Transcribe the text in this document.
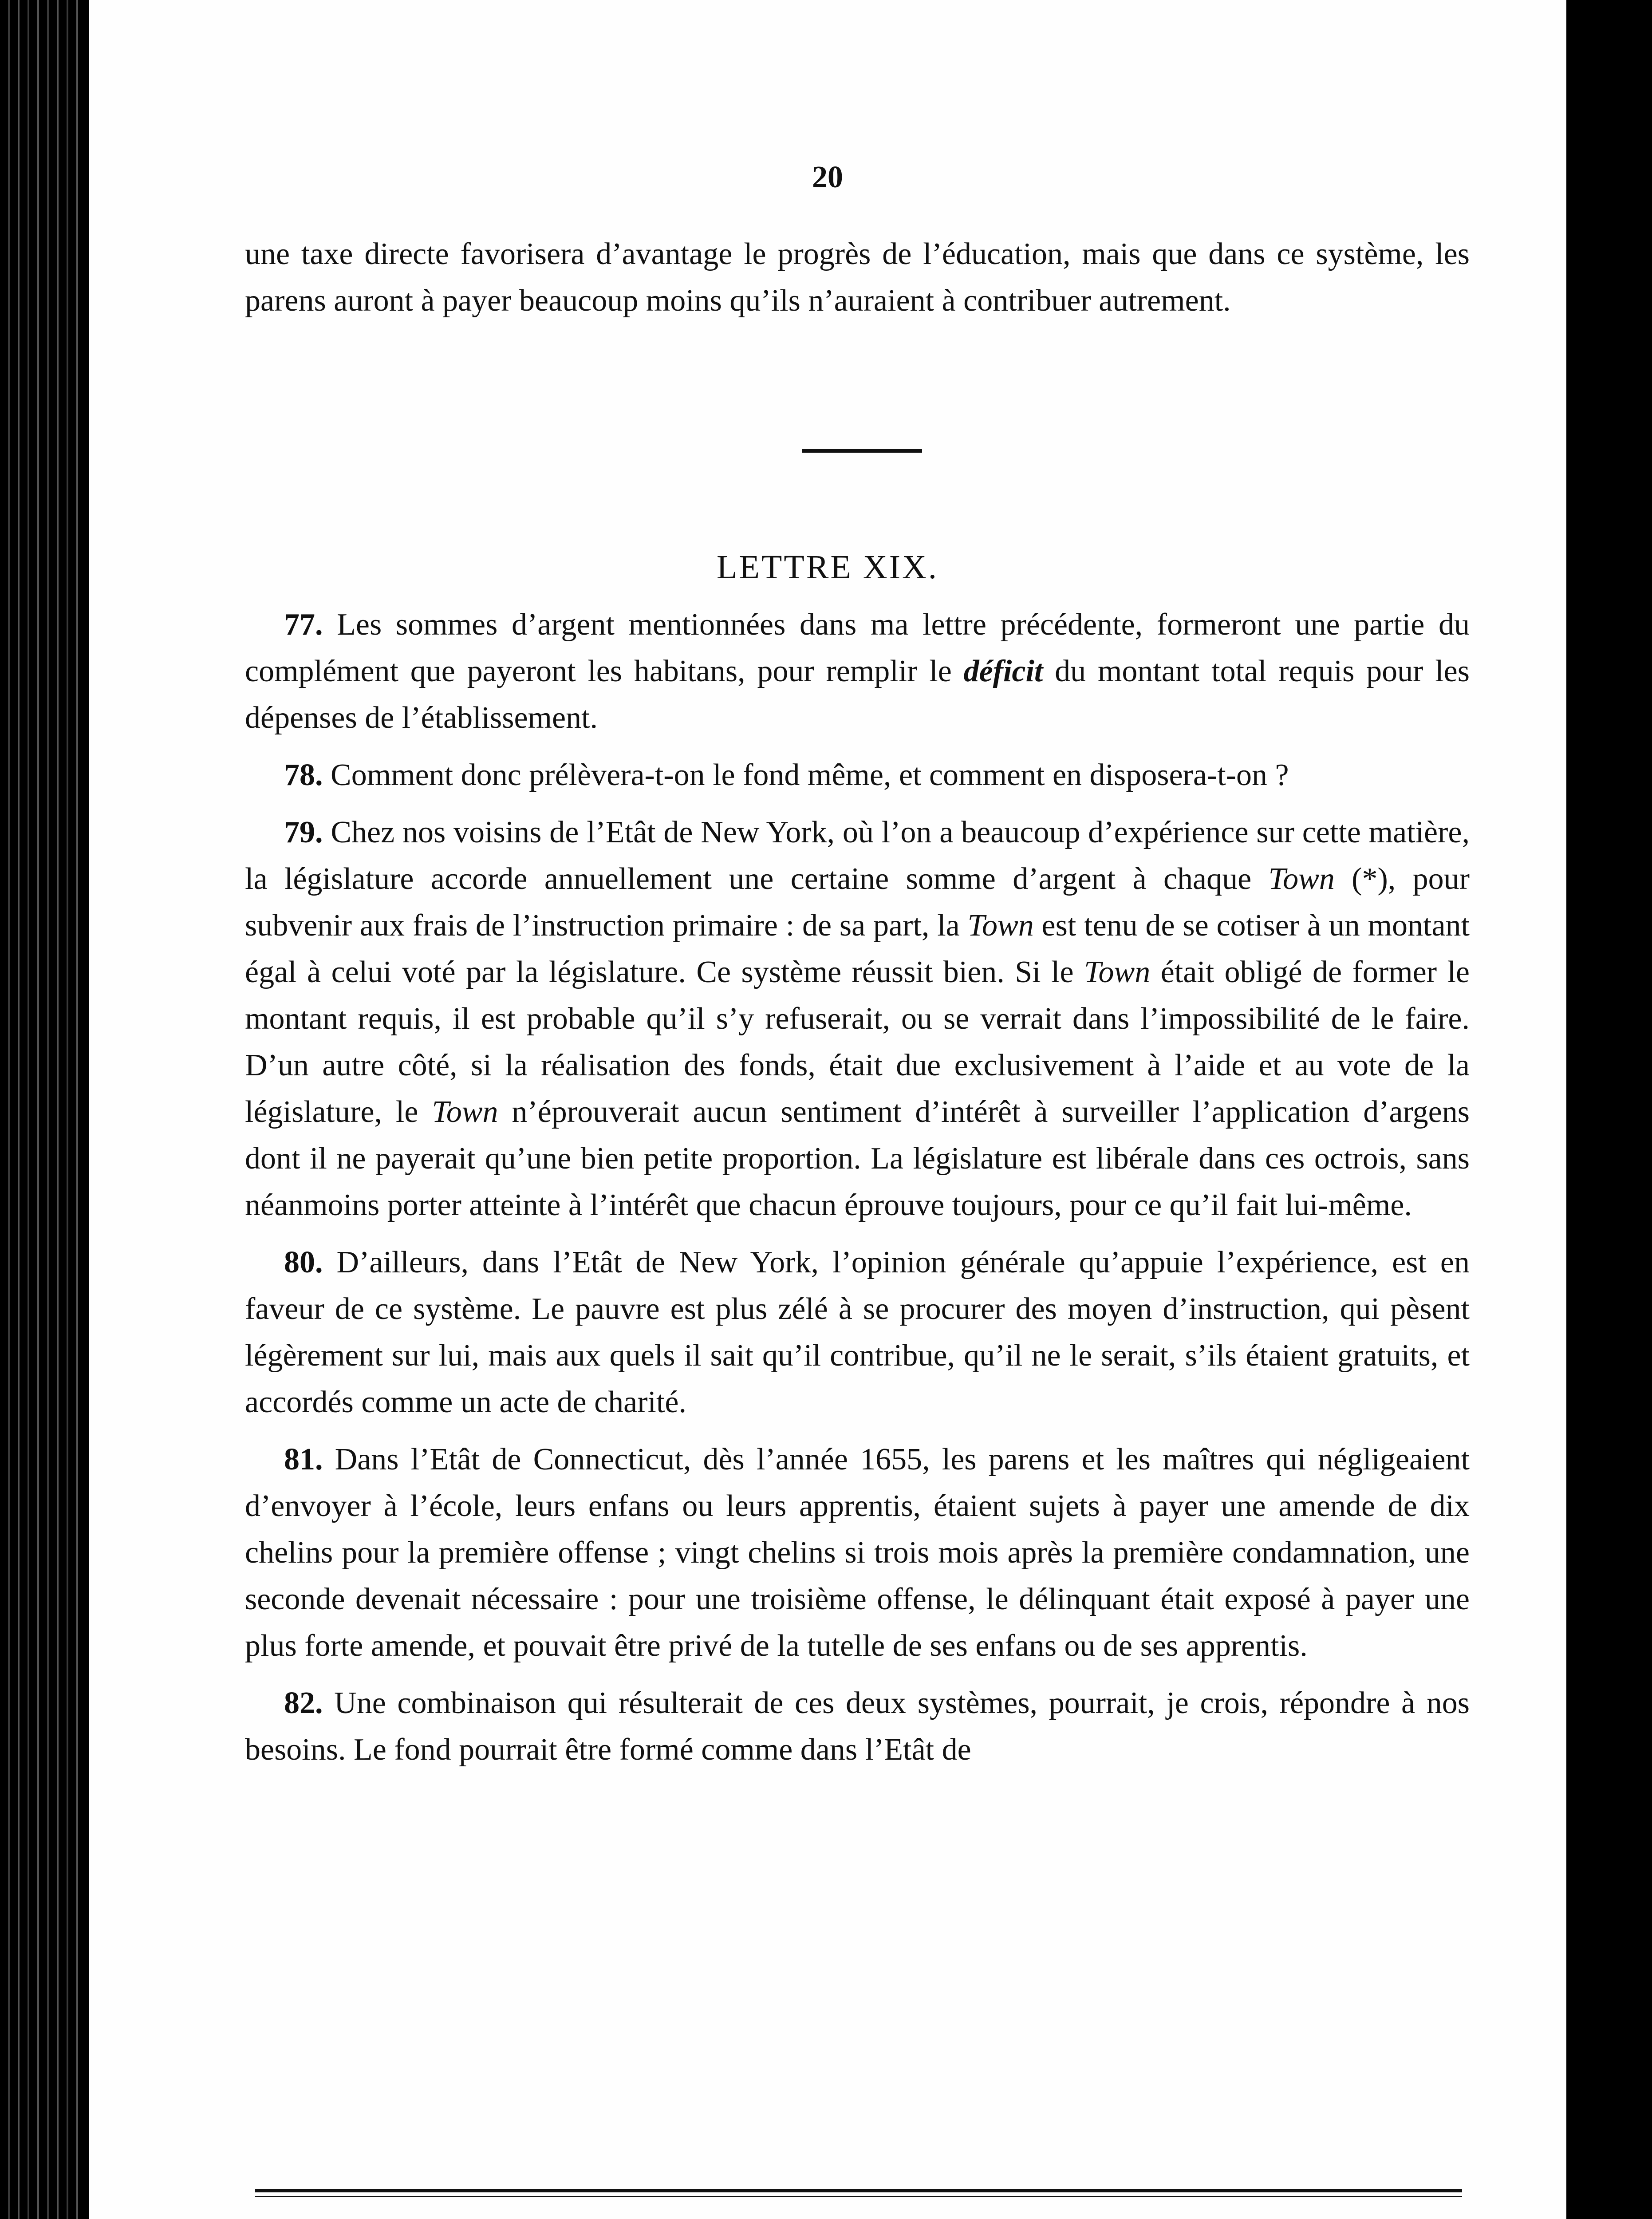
20

une taxe directe favorisera d’avantage le progrès de l’éducation, mais que dans ce système, les parens auront à payer beaucoup moins qu’ils n’auraient à contribuer autrement.

LETTRE XIX.

77. Les sommes d’argent mentionnées dans ma lettre précédente, formeront une partie du complément que payeront les habitans, pour remplir le déficit du montant total requis pour les dépenses de l’établissement.

78. Comment donc prélèvera-t-on le fond même, et comment en disposera-t-on ?

79. Chez nos voisins de l’Etât de New York, où l’on a beaucoup d’expérience sur cette matière, la législature accorde annuellement une certaine somme d’argent à chaque Town (*), pour subvenir aux frais de l’instruction primaire : de sa part, la Town est tenu de se cotiser à un montant égal à celui voté par la législature. Ce système réussit bien. Si le Town était obligé de former le montant requis, il est probable qu’il s’y refuserait, ou se verrait dans l’impossibilité de le faire. D’un autre côté, si la réalisation des fonds, était due exclusivement à l’aide et au vote de la législature, le Town n’éprouverait aucun sentiment d’intérêt à surveiller l’application d’argens dont il ne payerait qu’une bien petite proportion. La législature est libérale dans ces octrois, sans néanmoins porter atteinte à l’intérêt que chacun éprouve toujours, pour ce qu’il fait lui-même.

80. D’ailleurs, dans l’Etât de New York, l’opinion générale qu’appuie l’expérience, est en faveur de ce système. Le pauvre est plus zélé à se procurer des moyen d’instruction, qui pèsent légèrement sur lui, mais aux quels il sait qu’il contribue, qu’il ne le serait, s’ils étaient gratuits, et accordés comme un acte de charité.

81. Dans l’Etât de Connecticut, dès l’année 1655, les parens et les maîtres qui négligeaient d’envoyer à l’école, leurs enfans ou leurs apprentis, étaient sujets à payer une amende de dix chelins pour la première offense ; vingt chelins si trois mois après la première condamnation, une seconde devenait nécessaire : pour une troisième offense, le délinquant était exposé à payer une plus forte amende, et pouvait être privé de la tutelle de ses enfans ou de ses apprentis.

82. Une combinaison qui résulterait de ces deux systèmes, pourrait, je crois, répondre à nos besoins. Le fond pourrait être formé comme dans l’Etât de
